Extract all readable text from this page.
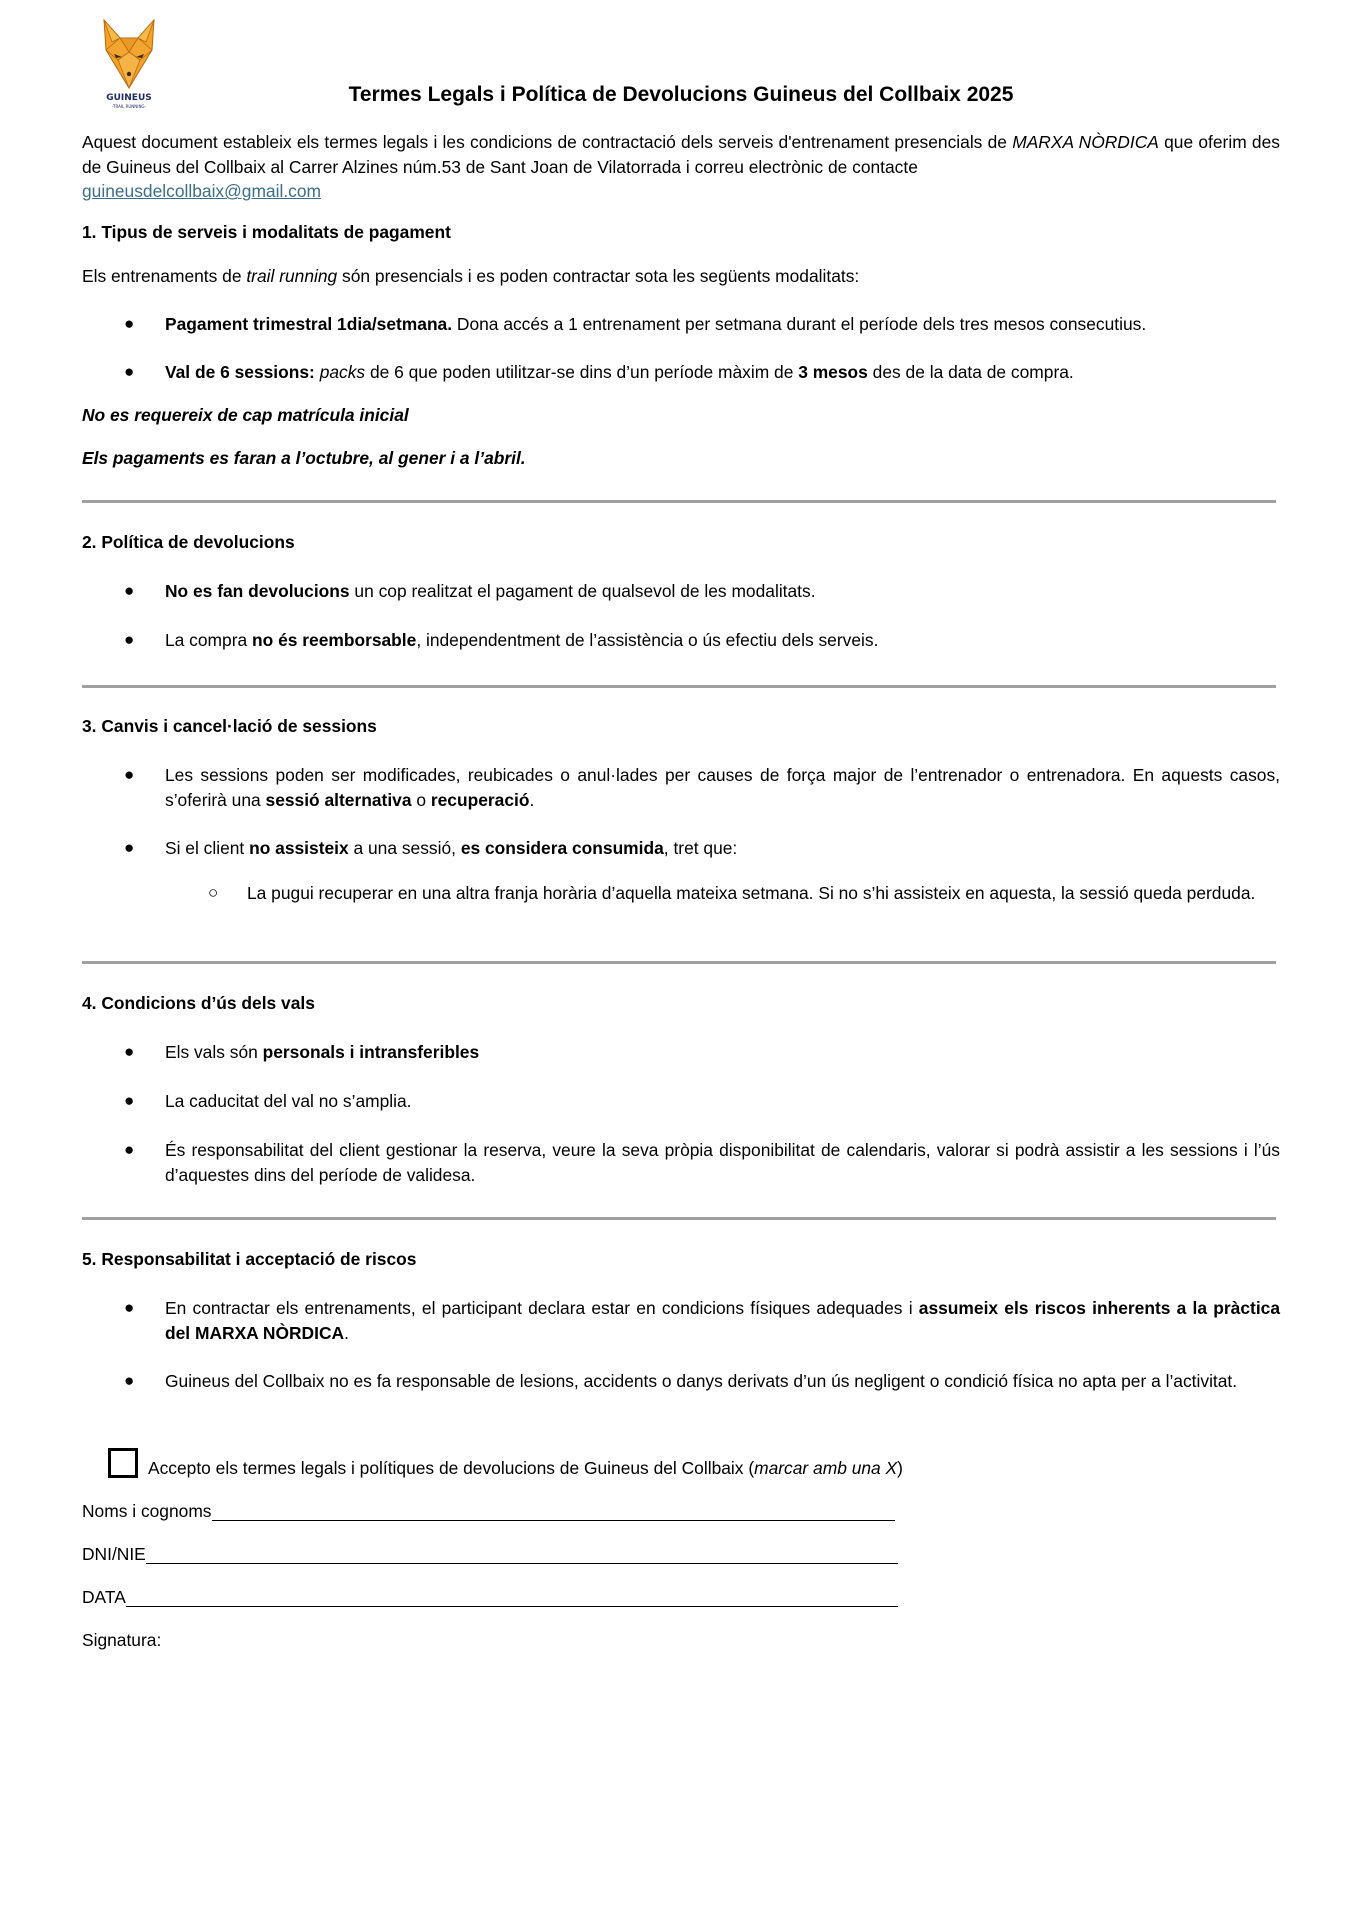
GUINEUS
-TRAIL RUNNING-
Termes Legals i Política de Devolucions Guineus del Collbaix 2025
Aquest document estableix els termes legals i les condicions de contractació dels serveis d'entrenament presencials de MARXA NÒRDICA que oferim des de Guineus del Collbaix al Carrer Alzines núm.53 de Sant Joan de Vilatorrada i correu electrònic de contacte
guineusdelcollbaix@gmail.com
1. Tipus de serveis i modalitats de pagament
Els entrenaments de trail running són presencials i es poden contractar sota les següents modalitats:
● Pagament trimestral 1dia/setmana. Dona accés a 1 entrenament per setmana durant el període dels tres mesos consecutius.
● Val de 6 sessions: packs de 6 que poden utilitzar-se dins d’un període màxim de 3 mesos des de la data de compra.
No es requereix de cap matrícula inicial
Els pagaments es faran a l’octubre, al gener i a l’abril.
2. Política de devolucions
● No es fan devolucions un cop realitzat el pagament de qualsevol de les modalitats.
● La compra no és reemborsable, independentment de l’assistència o ús efectiu dels serveis.
3. Canvis i cancel·lació de sessions
● Les sessions poden ser modificades, reubicades o anul·lades per causes de força major de l’entrenador o entrenadora. En aquests casos, s’oferirà una sessió alternativa o recuperació.
● Si el client no assisteix a una sessió, es considera consumida, tret que:
○ La pugui recuperar en una altra franja horària d’aquella mateixa setmana. Si no s’hi assisteix en aquesta, la sessió queda perduda.
4. Condicions d’ús dels vals
● Els vals són personals i intransferibles
● La caducitat del val no s’amplia.
● És responsabilitat del client gestionar la reserva, veure la seva pròpia disponibilitat de calendaris, valorar si podrà assistir a les sessions i l’ús d’aquestes dins del període de validesa.
5. Responsabilitat i acceptació de riscos
● En contractar els entrenaments, el participant declara estar en condicions físiques adequades i assumeix els riscos inherents a la pràctica del MARXA NÒRDICA.
● Guineus del Collbaix no es fa responsable de lesions, accidents o danys derivats d’un ús negligent o condició física no apta per a l’activitat.
Accepto els termes legals i polítiques de devolucions de Guineus del Collbaix (marcar amb una X)
Noms i cognoms
DNI/NIE
DATA
Signatura:
